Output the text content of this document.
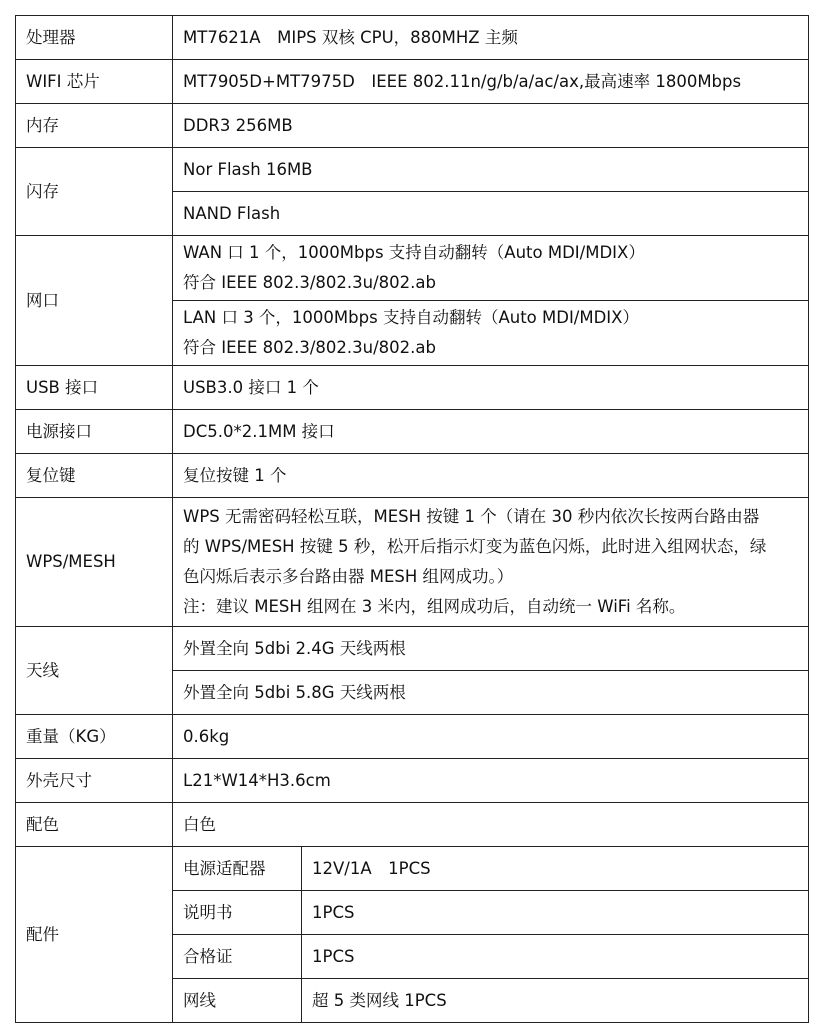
处理器	MT7621A　MIPS 双核 CPU，880MHZ 主频	
WIFI 芯片	MT7905D+MT7975D　IEEE 802.11n/g/b/a/ac/ax,最高速率 1800Mbps	
内存	DDR3 256MB	
闪存	Nor Flash 16MB	
	NAND Flash	
网口	WAN 口 1 个，1000Mbps 支持自动翻转（Auto MDI/MDIX）
符合 IEEE 802.3/802.3u/802.ab	

	LAN 口 3 个，1000Mbps 支持自动翻转（Auto MDI/MDIX）
符合 IEEE 802.3/802.3u/802.ab	

USB 接口	USB3.0 接口 1 个	
电源接口	DC5.0*2.1MM 接口	
复位键	复位按键 1 个	
WPS/MESH	WPS 无需密码轻松互联，MESH 按键 1 个（请在 30 秒内依次长按两台路由器
的 WPS/MESH 按键 5 秒，松开后指示灯变为蓝色闪烁，此时进入组网状态，绿
色闪烁后表示多台路由器 MESH 组网成功。）
注：建议 MESH 组网在 3 米内，组网成功后，自动统一 WiFi 名称。	

天线	外置全向 5dbi 2.4G 天线两根	
	外置全向 5dbi 5.8G 天线两根	
重量（KG）	0.6kg	
外壳尺寸	L21*W14*H3.6cm	
配色	白色	
配件	电源适配器	12V/1A　1PCS
	说明书	1PCS
	合格证	1PCS
	网线	超 5 类网线 1PCS
